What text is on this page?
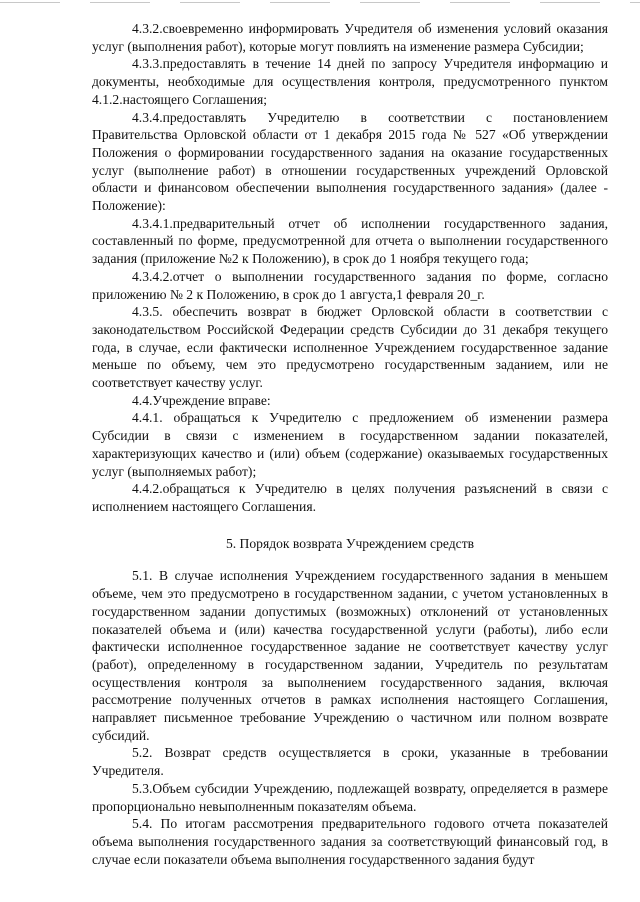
4.3.2.своевременно информировать Учредителя об изменения условий оказания услуг (выполнения работ), которые могут повлиять на изменение размера Субсидии;

4.3.3.предоставлять в течение 14 дней по запросу Учредителя информацию и документы, необходимые для осуществления контроля, предусмотренного пунктом 4.1.2.настоящего Соглашения;

4.3.4.предоставлять Учредителю в соответствии с постановлением Правительства Орловской области от 1 декабря 2015 года № 527 «Об утверждении Положения о формировании государственного задания на оказание государственных услуг (выполнение работ) в отношении государственных учреждений Орловской области и финансовом обеспечении выполнения государственного задания» (далее - Положение):

4.3.4.1.предварительный отчет об исполнении государственного задания, составленный по форме, предусмотренной для отчета о выполнении государственного задания (приложение №2 к Положению), в срок до 1 ноября текущего года;

4.3.4.2.отчет о выполнении государственного задания по форме, согласно приложению № 2 к Положению, в срок до 1 августа,1 февраля 20_г.

4.3.5. обеспечить возврат в бюджет Орловской области в соответствии с законодательством Российской Федерации средств Субсидии до 31 декабря текущего года, в случае, если фактически исполненное Учреждением государственное задание меньше по объему, чем это предусмотрено государственным заданием, или не соответствует качеству услуг.

4.4.Учреждение вправе:

4.4.1. обращаться к Учредителю с предложением об изменении размера Субсидии в связи с изменением в государственном задании показателей, характеризующих качество и (или) объем (содержание) оказываемых государственных услуг (выполняемых работ);

4.4.2.обращаться к Учредителю в целях получения разъяснений в связи с исполнением настоящего Соглашения.

5. Порядок возврата Учреждением средств

5.1. В случае исполнения Учреждением государственного задания в меньшем объеме, чем это предусмотрено в государственном задании, с учетом установленных в государственном задании допустимых (возможных) отклонений от установленных показателей объема и (или) качества государственной услуги (работы), либо если фактически исполненное государственное задание не соответствует качеству услуг (работ), определенному в государственном задании, Учредитель по результатам осуществления контроля за выполнением государственного задания, включая рассмотрение полученных отчетов в рамках исполнения настоящего Соглашения, направляет письменное требование Учреждению о частичном или полном возврате субсидий.

5.2. Возврат средств осуществляется в сроки, указанные в требовании Учредителя.

5.3.Объем субсидии Учреждению, подлежащей возврату, определяется в размере пропорционально невыполненным показателям объема.

5.4. По итогам рассмотрения предварительного годового отчета показателей объема выполнения государственного задания за соответствующий финансовый год, в случае если показатели объема выполнения государственного задания будут
